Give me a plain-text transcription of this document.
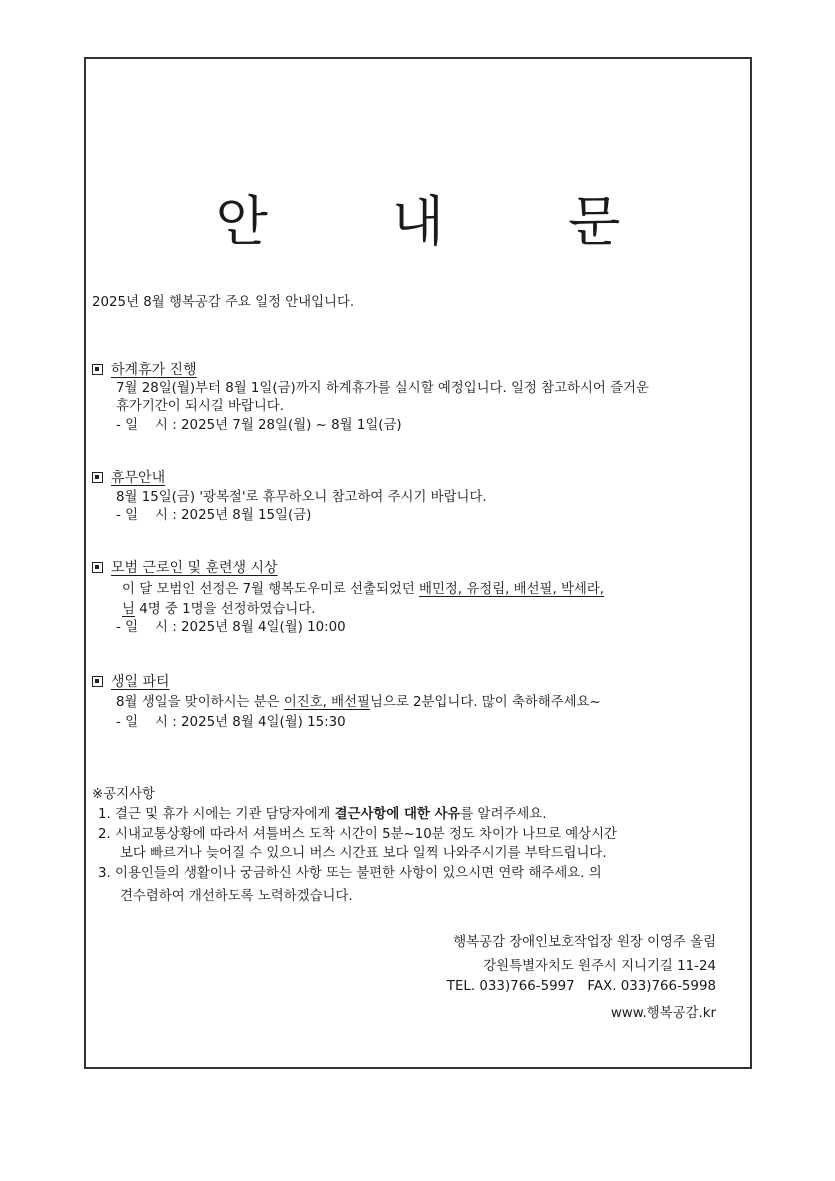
안 내 문
2025년 8월 행복공감 주요 일정 안내입니다.
하계휴가 진행
7월 28일(월)부터 8월 1일(금)까지 하계휴가를 실시할 예정입니다. 일정 참고하시어 즐거운
휴가기간이 되시길 바랍니다.
- 일    시 : 2025년 7월 28일(월) ~ 8월 1일(금)
휴무안내
8월 15일(금) '광복절'로 휴무하오니 참고하여 주시기 바랍니다.
- 일    시 : 2025년 8월 15일(금)
모범 근로인 및 훈련생 시상
이 달 모범인 선정은 7월 행복도우미로 선출되었던 배민정, 유정림, 배선필, 박세라,
님 4명 중 1명을 선정하였습니다.
- 일    시 : 2025년 8월 4일(월) 10:00
생일 파티
8월 생일을 맞이하시는 분은 이진호, 배선필님으로 2분입니다. 많이 축하해주세요~
- 일    시 : 2025년 8월 4일(월) 15:30
※공지사항
1. 결근 및 휴가 시에는 기관 담당자에게 결근사항에 대한 사유를 알려주세요.
2. 시내교통상황에 따라서 셔틀버스 도착 시간이 5분~10분 정도 차이가 나므로 예상시간
보다 빠르거나 늦어질 수 있으니 버스 시간표 보다 일찍 나와주시기를 부탁드립니다.
3. 이용인들의 생활이나 궁금하신 사항 또는 불편한 사항이 있으시면 연락 해주세요. 의
견수렴하여 개선하도록 노력하겠습니다.
행복공감 장애인보호작업장 원장 이영주 올림
강원특별자치도 원주시 지니기길 11-24
TEL. 033)766-5997   FAX. 033)766-5998
www.행복공감.kr
